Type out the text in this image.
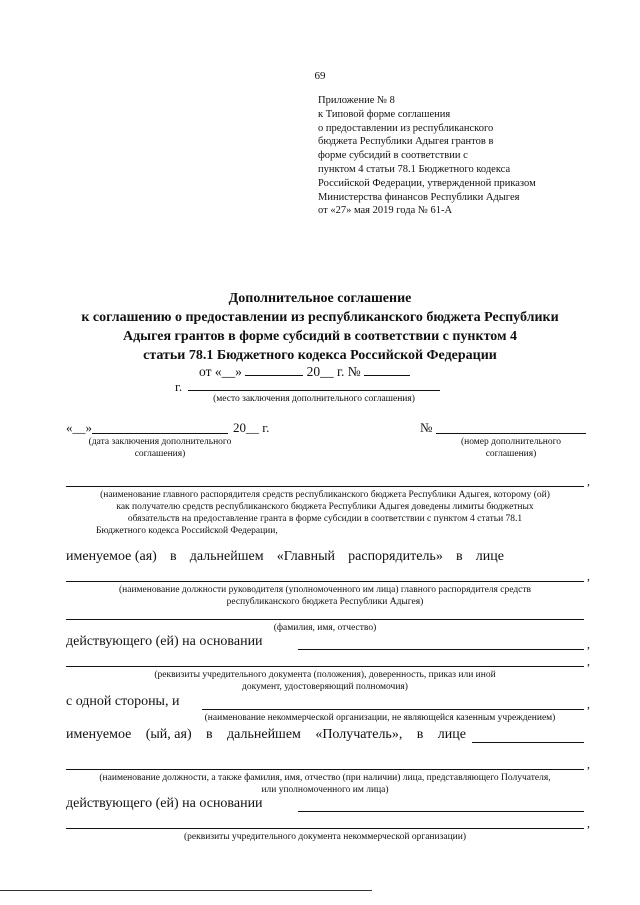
69
Приложение № 8
к Типовой форме соглашения
о предоставлении из республиканского
бюджета Республики Адыгея грантов в
форме субсидий в соответствии с
пунктом 4 статьи 78.1 Бюджетного кодекса
Российской Федерации, утвержденной приказом
Министерства финансов Республики Адыгея
от «27» мая 2019 года № 61-А
Дополнительное соглашение
к соглашению о предоставлении из республиканского бюджета Республики
Адыгея грантов в форме субсидий в соответствии с пунктом 4
статьи 78.1 Бюджетного кодекса Российской Федерации
от «__»	20__ г. №
г.
(место заключения дополнительного соглашения)
«__»	20__ г.
(дата заключения дополнительного
соглашения)
№
(номер дополнительного
соглашения)
,
(наименование главного распорядителя средств республиканского бюджета Республики Адыгея, которому (ой)
как получателю средств республиканского бюджета Республики Адыгея доведены лимиты бюджетных
обязательств на предоставление гранта в форме субсидии в соответствии с пунктом 4 статьи 78.1
Бюджетного кодекса Российской Федерации,
именуемое (ая) в дальнейшем «Главный распорядитель» в лице
,
(наименование должности руководителя (уполномоченного им лица) главного распорядителя средств
республиканского бюджета Республики Адыгея)
(фамилия, имя, отчество)
действующего (ей) на основании	,
,
(реквизиты учредительного документа (положения), доверенность, приказ или иной
документ, удостоверяющий полномочия)
с одной стороны, и	,
(наименование некоммерческой организации, не являющейся казенным учреждением)
именуемое (ый, ая) в дальнейшем «Получатель», в лице
,
(наименование должности, а также фамилия, имя, отчество (при наличии) лица, представляющего Получателя,
или уполномоченного им лица)
действующего (ей) на основании
,
(реквизиты учредительного документа некоммерческой организации)
